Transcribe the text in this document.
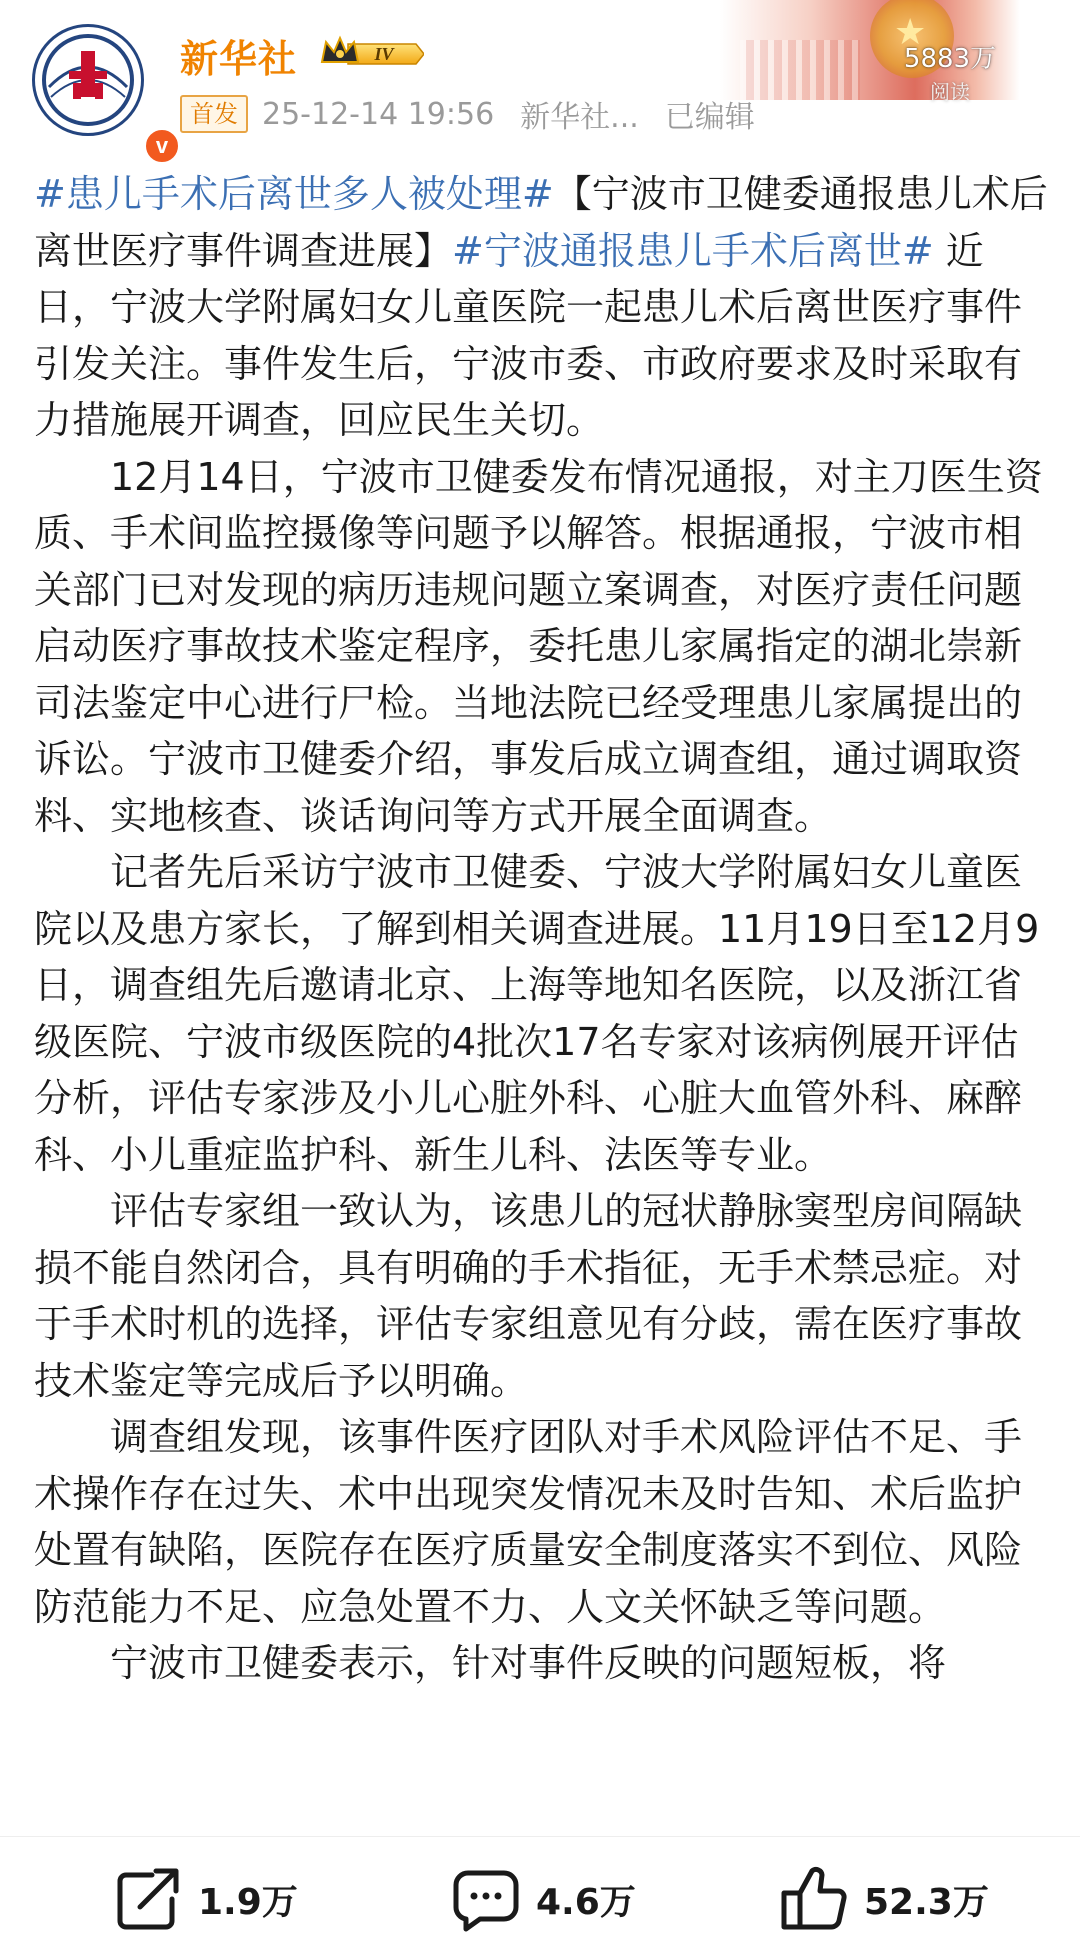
★
5883万
阅读
v
新华社	IV
首发 25-12-14 19:56 新华社... 已编辑

#患儿手术后离世多人被处理#【宁波市卫健委通报患儿术后离世医疗事件调查进展】#宁波通报患儿手术后离世# 近日，宁波大学附属妇女儿童医院一起患儿术后离世医疗事件引发关注。事件发生后，宁波市委、市政府要求及时采取有力措施展开调查，回应民生关切。

12月14日，宁波市卫健委发布情况通报，对主刀医生资质、手术间监控摄像等问题予以解答。根据通报，宁波市相关部门已对发现的病历违规问题立案调查，对医疗责任问题启动医疗事故技术鉴定程序，委托患儿家属指定的湖北崇新司法鉴定中心进行尸检。当地法院已经受理患儿家属提出的诉讼。宁波市卫健委介绍，事发后成立调查组，通过调取资料、实地核查、谈话询问等方式开展全面调查。

记者先后采访宁波市卫健委、宁波大学附属妇女儿童医院以及患方家长，了解到相关调查进展。11月19日至12月9日，调查组先后邀请北京、上海等地知名医院，以及浙江省级医院、宁波市级医院的4批次17名专家对该病例展开评估分析，评估专家涉及小儿心脏外科、心脏大血管外科、麻醉科、小儿重症监护科、新生儿科、法医等专业。

评估专家组一致认为，该患儿的冠状静脉窦型房间隔缺损不能自然闭合，具有明确的手术指征，无手术禁忌症。对于手术时机的选择，评估专家组意见有分歧，需在医疗事故技术鉴定等完成后予以明确。

调查组发现，该事件医疗团队对手术风险评估不足、手术操作存在过失、术中出现突发情况未及时告知、术后监护处置有缺陷，医院存在医疗质量安全制度落实不到位、风险防范能力不足、应急处置不力、人文关怀缺乏等问题。

宁波市卫健委表示，针对事件反映的问题短板，将

1.9万	4.6万	52.3万
